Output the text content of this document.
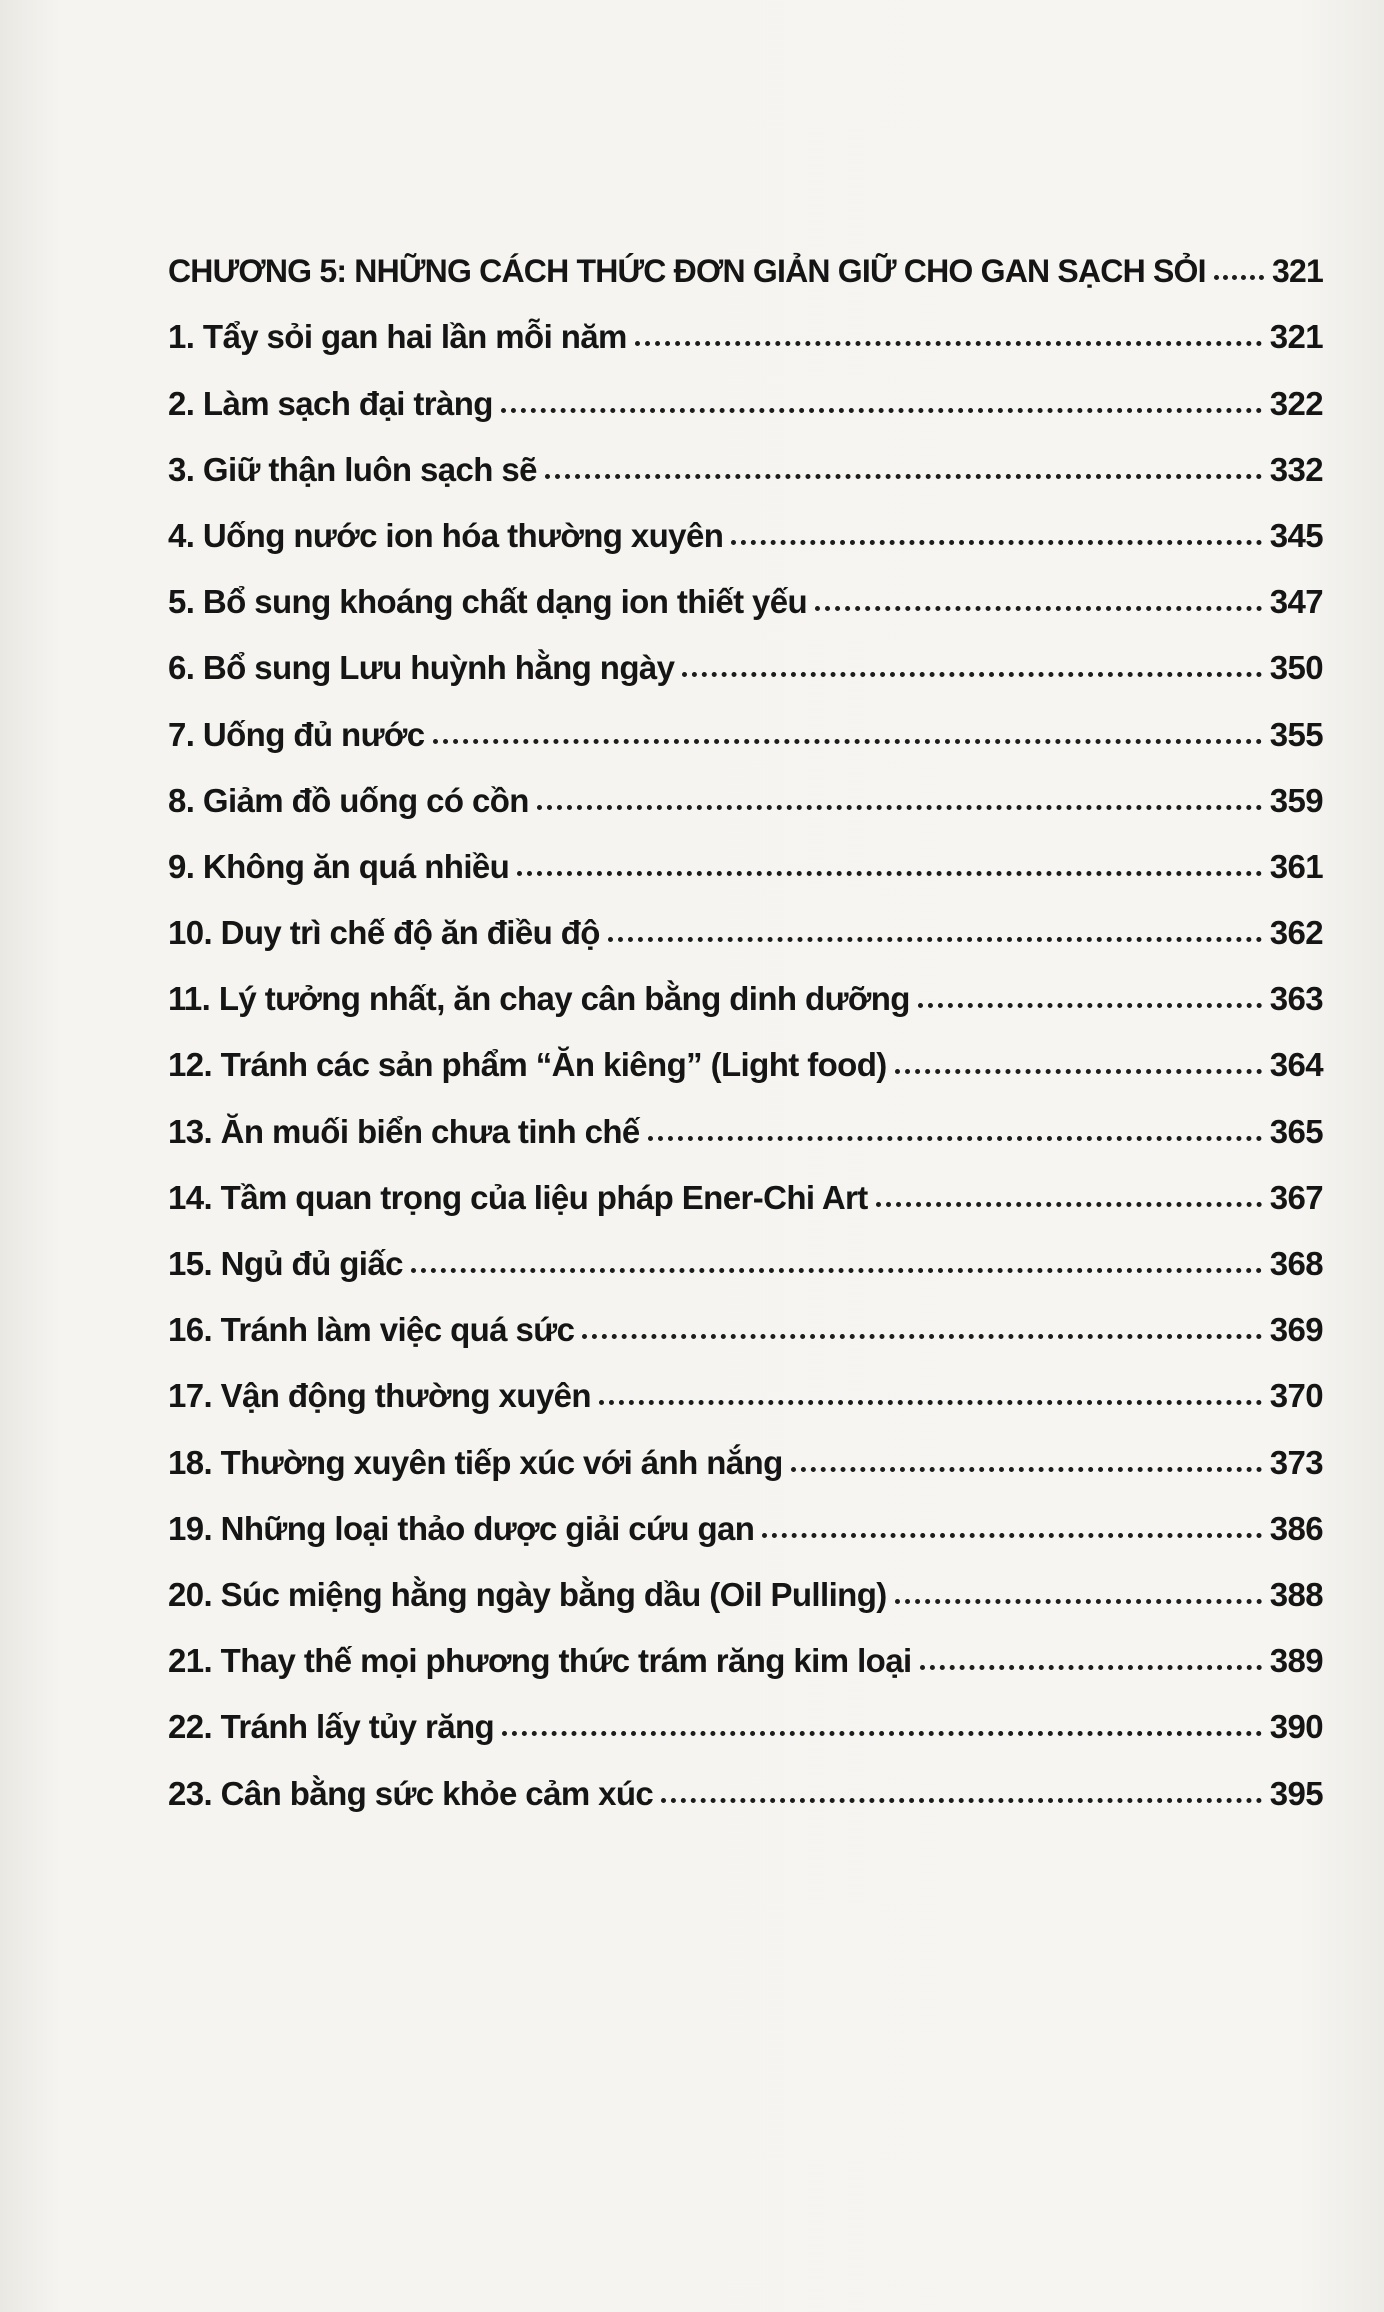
CHƯƠNG 5: NHỮNG CÁCH THỨC ĐƠN GIẢN GIỮ CHO GAN SẠCH SỎI 321
1. Tẩy sỏi gan hai lần mỗi năm	321
2. Làm sạch đại tràng	322
3. Giữ thận luôn sạch sẽ	332
4. Uống nước ion hóa thường xuyên	345
5. Bổ sung khoáng chất dạng ion thiết yếu	347
6. Bổ sung Lưu huỳnh hằng ngày	350
7. Uống đủ nước	355
8. Giảm đồ uống có cồn	359
9. Không ăn quá nhiều	361
10. Duy trì chế độ ăn điều độ	362
11. Lý tưởng nhất, ăn chay cân bằng dinh dưỡng	363
12. Tránh các sản phẩm “Ăn kiêng” (Light food)	364
13. Ăn muối biển chưa tinh chế	365
14. Tầm quan trọng của liệu pháp Ener-Chi Art	367
15. Ngủ đủ giấc	368
16. Tránh làm việc quá sức	369
17. Vận động thường xuyên	370
18. Thường xuyên tiếp xúc với ánh nắng	373
19. Những loại thảo dược giải cứu gan	386
20. Súc miệng hằng ngày bằng dầu (Oil Pulling)	388
21. Thay thế mọi phương thức trám răng kim loại	389
22. Tránh lấy tủy răng	390
23. Cân bằng sức khỏe cảm xúc	395
